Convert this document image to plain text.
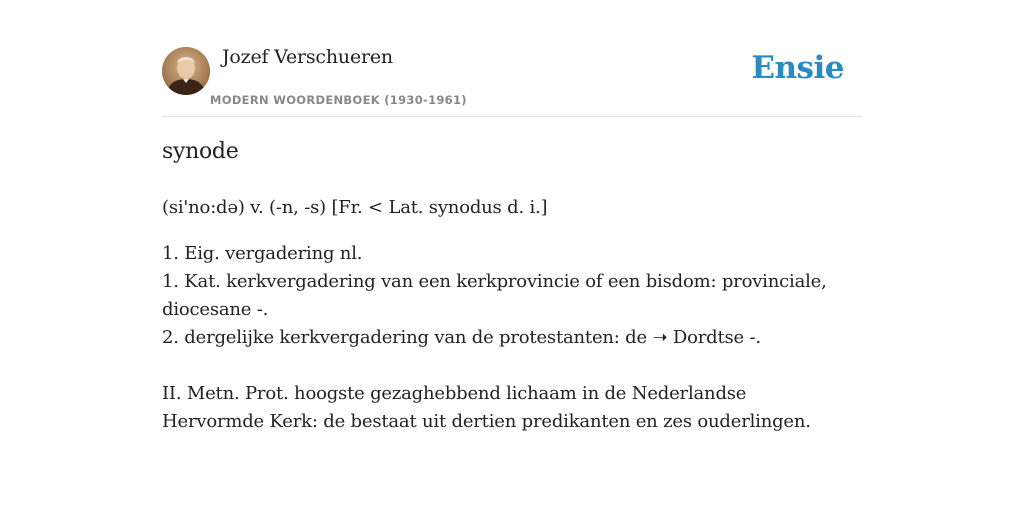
Jozef Verschueren
MODERN WOORDENBOEK (1930-1961)
Ensie
synode

(si'no:də) v. (-n, -s) [Fr. < Lat. synodus d. i.]

1. Eig. vergadering nl.

1. Kat. kerkvergadering van een kerkprovincie of een bisdom: provinciale, diocesane -.

2. dergelijke kerkvergadering van de protestanten: de ➝ Dordtse -.

II. Metn. Prot. hoogste gezaghebbend lichaam in de Nederlandse Hervormde Kerk: de bestaat uit dertien predikanten en zes ouderlingen.
